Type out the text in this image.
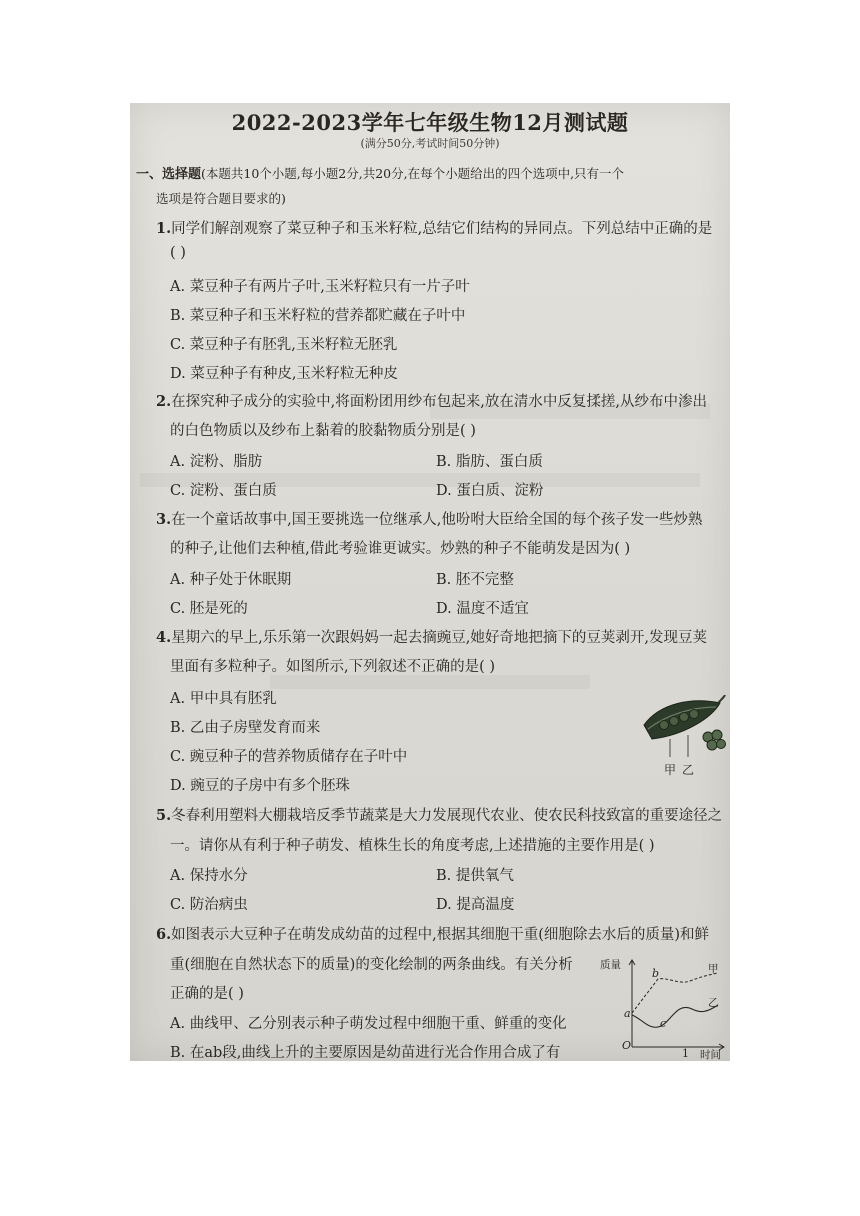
2022-2023学年七年级生物12月测试题
(满分50分,考试时间50分钟)
一、选择题(本题共10个小题,每小题2分,共20分,在每个小题给出的四个选项中,只有一个
选项是符合题目要求的)
1.同学们解剖观察了菜豆种子和玉米籽粒,总结它们结构的异同点。下列总结中正确的是
( )
A. 菜豆种子有两片子叶,玉米籽粒只有一片子叶
B. 菜豆种子和玉米籽粒的营养都贮藏在子叶中
C. 菜豆种子有胚乳,玉米籽粒无胚乳
D. 菜豆种子有种皮,玉米籽粒无种皮
2.在探究种子成分的实验中,将面粉团用纱布包起来,放在清水中反复揉搓,从纱布中渗出
的白色物质以及纱布上黏着的胶黏物质分别是( )
A. 淀粉、脂肪	B. 脂肪、蛋白质
C. 淀粉、蛋白质	D. 蛋白质、淀粉
3.在一个童话故事中,国王要挑选一位继承人,他吩咐大臣给全国的每个孩子发一些炒熟
的种子,让他们去种植,借此考验谁更诚实。炒熟的种子不能萌发是因为( )
A. 种子处于休眠期	B. 胚不完整
C. 胚是死的	D. 温度不适宜
4.星期六的早上,乐乐第一次跟妈妈一起去摘豌豆,她好奇地把摘下的豆荚剥开,发现豆荚
里面有多粒种子。如图所示,下列叙述不正确的是( )
A. 甲中具有胚乳
B. 乙由子房壁发育而来
C. 豌豆种子的营养物质储存在子叶中
D. 豌豆的子房中有多个胚珠
甲 乙
5.冬春利用塑料大棚栽培反季节蔬菜是大力发展现代农业、使农民科技致富的重要途径之
一。请你从有利于种子萌发、植株生长的角度考虑,上述措施的主要作用是( )
A. 保持水分	B. 提供氧气
C. 防治病虫	D. 提高温度
6.如图表示大豆种子在萌发成幼苗的过程中,根据其细胞干重(细胞除去水后的质量)和鲜
重(细胞在自然状态下的质量)的变化绘制的两条曲线。有关分析
正确的是( )
A. 曲线甲、乙分别表示种子萌发过程中细胞干重、鲜重的变化
B. 在ab段,曲线上升的主要原因是幼苗进行光合作用合成了有
质量
时间
O
a
b
c
甲
乙
1
